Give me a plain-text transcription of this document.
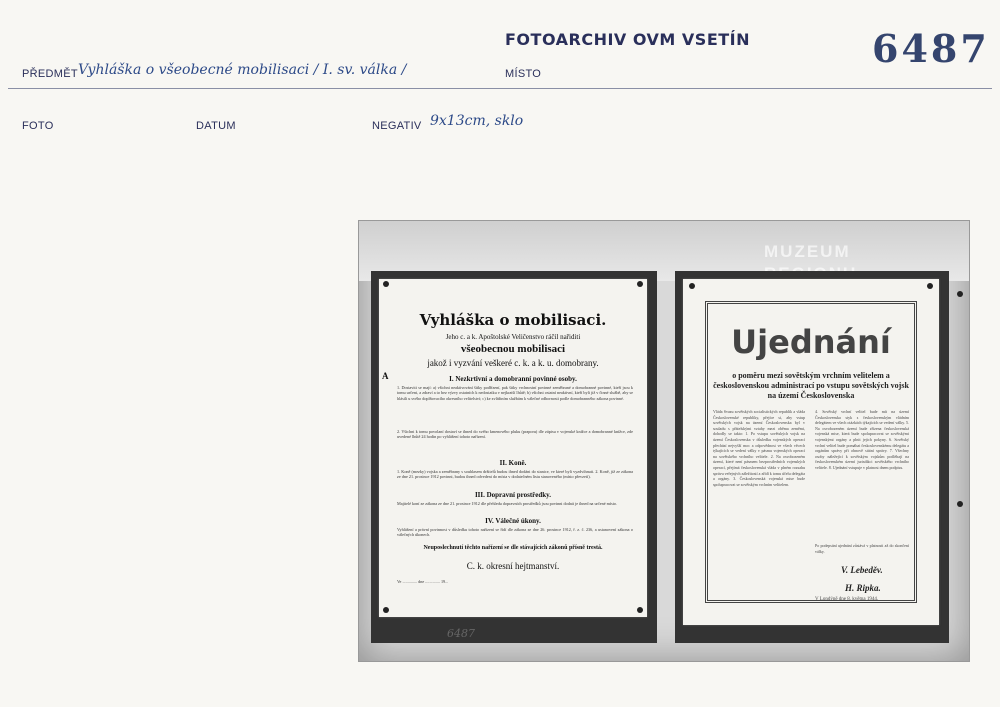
FOTOARCHIV OVM VSETÍN	6487
PŘEDMĚT Vyhláška o všeobecné mobilisaci / I. sv. válka /	MÍSTO
FOTO	DATUM	NEGATIV 9x13cm, sklo
MUZEUM
A
Vyhláška o mobilisaci.
Jeho c. a k. Apoštolské Veličenstvo ráčil nařiditi
všeobecnou mobilisaci
jakož i vyzvání veškeré c. k. a k. u. domobrany.
I. Nezkrtivní a domobranní povinné osoby.
1. Dostaviti se mají: a) všichni neaktivování šitky podřízení, pak šitky vrchnostní povinné zeměbrané a domobranné povinné, kteří jsou k tomu určeni, a zdraví a to bez výzvy ostatních k nedostatku v nejkratší lhůtě; b) všichni ostatní neaktivní, kteří byli již v činné službě, aby se hlásili u svého doplňovacího okresního velitelství; c) ke zvláštním službám k válečné odbornosti podle domobranného zákona povinné.
2. Všichni k tomu povolaní dostaví se ihned do svého kmenového pluku (praporu) dle zápisu v vojenské knížce a domobranné knížce, zde uvedené lhůtě 24 hodin po vyhlášení tohoto nařízení.
II. Koně.
1. Koně (mezky) vojska a zeměbrany s souhlasem držitelů budou ihned dodáni do stanice, ve které byli vyzdvihnuti. 2. Koně, již ze zákona ze dne 21. prosince 1912 povinni, budou ihned odvedeni do místa v dodatečném listu stanoveného (místo převzetí).
III. Dopravní prostředky.
Majitelé koní ze zákona ze dne 21. prosince 1912 dle přehledu dopravních prostředků jsou povinni dodati je ihned na určené místo.
IV. Válečné úkony.
Vyhlášení a právní povinnost v důsledku tohoto nařízení se řídí dle zákona ze dne 26. prosince 1912, ř. z. č. 236, a ustanovení zákona o válečných úkonech.
Neuposlechnutí těchto nařízení se dle stávajících zákonů přísně trestá.
C. k. okresní hejtmanství.
Ve .............. dne .............. 19...
6487
Ujednání
o poměru mezi sovětským vrchním velitelem a československou administrací po vstupu sovětských vojsk na území Československa
Vláda Svazu sovětských socialistických republik a vláda Československé republiky, přejíce si, aby vstup sovětských vojsk na území Československa byl v souladu s přátelskými vztahy mezi oběma zeměmi, dohodly se takto: 1. Po vstupu sovětských vojsk na území Československa v důsledku vojenských operací přechází nejvyšší moc a odpovědnost ve všech věcech týkajících se vedení války v pásmu vojenských operací na sovětského vrchního velitele. 2. Na osvobozeném území, které není pásmem bezprostředních vojenských operací, přejímá československá vláda v plném rozsahu správu veřejných záležitostí a zřídí k tomu účelu delegáta a orgány. 3. Československá vojenská mise bude spolupracovat se sovětským vrchním velitelem.
4. Sovětský vrchní velitel bude mít na území Československa styk s československým vládním delegátem ve všech otázkách týkajících se vedení války. 5. Na osvobozeném území bude zřízena československá vojenská mise, která bude spolupracovat se sovětskými vojenskými orgány a plnit jejich pokyny. 6. Sovětský vrchní velitel bude pomáhat československému delegátu a orgánům správy při obnově státní správy. 7. Všechny osoby náležející k sovětským vojskům podléhají na československém území jurisdikci sovětského vrchního velitele. 8. Ujednání vstupuje v platnost dnem podpisu.
Po podepsání ujednání zůstává v platnosti až do skončení války.
V. Lebeděv.
H. Ripka.
V Londýně dne 8. května 1944.
